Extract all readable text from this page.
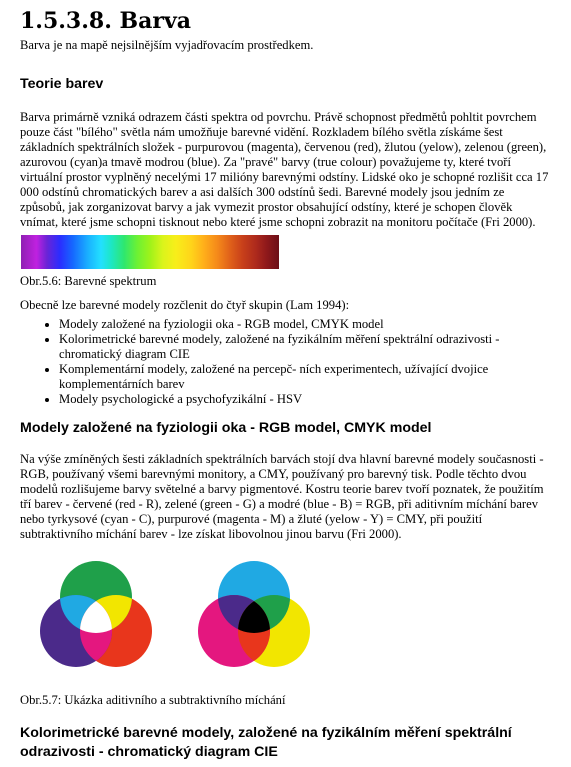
1.5.3.8. Barva

Barva je na mapě nejsilnějším vyjadřovacím prostředkem.

Teorie barev

Barva primárně vzniká odrazem části spektra od povrchu. Právě schopnost předmětů pohltit povrchem pouze část "bílého" světla nám umožňuje barevné vidění. Rozkladem bílého světla získáme šest základních spektrálních složek - purpurovou (magenta), červenou (red), žlutou (yelow), zelenou (green), azurovou (cyan)a tmavě modrou (blue). Za "pravé" barvy (true colour) považujeme ty, které tvoří virtuální prostor vyplněný necelými 17 milióny barevnými odstíny. Lidské oko je schopné rozlišit cca 17 000 odstínů chromatických barev a asi dalších 300 odstínů šedi. Barevné modely jsou jedním ze způsobů, jak zorganizovat barvy a jak vymezit prostor obsahující odstíny, které je schopen člověk vnímat, které jsme schopni tisknout nebo které jsme schopni zobrazit na monitoru počítače (Fri 2000).

Obr.5.6: Barevné spektrum

Obecně lze barevné modely rozčlenit do čtyř skupin (Lam 1994):

• Modely založené na fyziologii oka - RGB model, CMYK model
• Kolorimetrické barevné modely, založené na fyzikálním měření spektrální odrazivosti - chromatický diagram CIE
• Komplementární modely, založené na percepč- ních experimentech, užívající dvojice komplementárních barev
• Modely psychologické a psychofyzikální - HSV
Modely založené na fyziologii oka - RGB model, CMYK model

Na výše zmíněných šesti základních spektrálních barvách stojí dva hlavní barevné modely současnosti - RGB, používaný všemi barevnými monitory, a CMY, používaný pro barevný tisk. Podle těchto dvou modelů rozlišujeme barvy světelné a barvy pigmentové. Kostru teorie barev tvoří poznatek, že použitím tří barev - červené (red - R), zelené (green - G) a modré (blue - B) = RGB, při aditivním míchání barev nebo tyrkysové (cyan - C), purpurové (magenta - M) a žluté (yelow - Y) = CMY, při použití subtraktivního míchání barev - lze získat libovolnou jinou barvu (Fri 2000).

Obr.5.7: Ukázka aditivního a subtraktivního míchání

Kolorimetrické barevné modely, založené na fyzikálním měření spektrální odrazivosti - chromatický diagram CIE
